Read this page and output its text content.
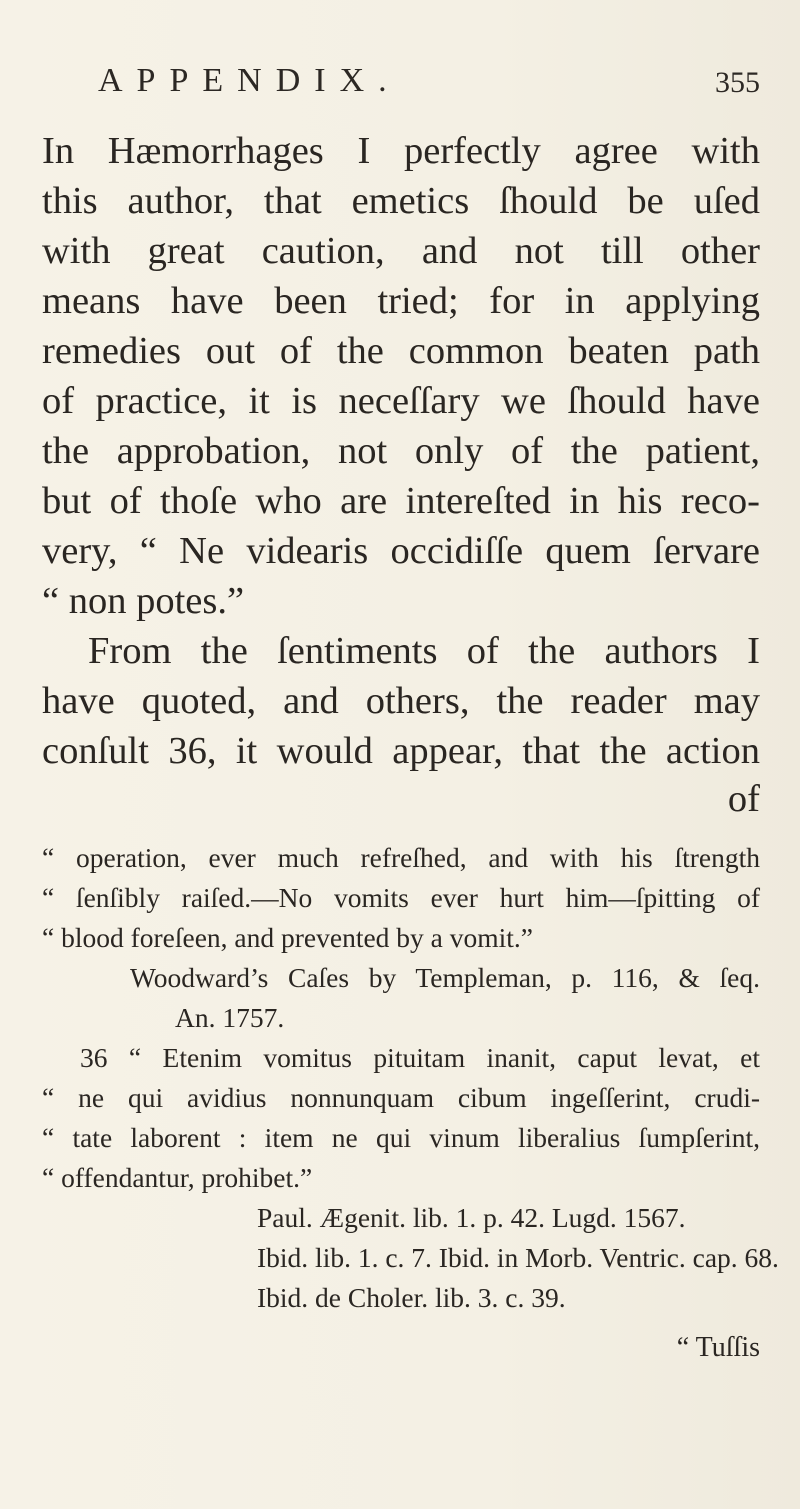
APPENDIX.	355
In Hæmorrhages I perfectly agree with
this author, that emetics ſhould be uſed
with great caution, and not till other
means have been tried; for in applying
remedies out of the common beaten path
of practice, it is neceſſary we ſhould have
the approbation, not only of the patient,
but of thoſe who are intereſted in his reco-
very, “ Ne videaris occidiſſe quem ſervare
“ non potes.”
From the ſentiments of the authors I
have quoted, and others, the reader may
conſult 36, it would appear, that the action
of
“ operation, ever much refreſhed, and with his ſtrength
“ ſenſibly raiſed.—No vomits ever hurt him—ſpitting of
“ blood foreſeen, and prevented by a vomit.”
Woodward’s Caſes by Templeman, p. 116, & ſeq.
An. 1757.
36 “ Etenim vomitus pituitam inanit, caput levat, et
“ ne qui avidius nonnunquam cibum ingeſſerint, crudi-
“ tate laborent : item ne qui vinum liberalius ſumpſerint,
“ offendantur, prohibet.”
Paul. Ægenit. lib. 1. p. 42. Lugd. 1567.
Ibid. lib. 1. c. 7. Ibid. in Morb. Ventric. cap. 68.
Ibid. de Choler. lib. 3. c. 39.
“ Tuſſis
